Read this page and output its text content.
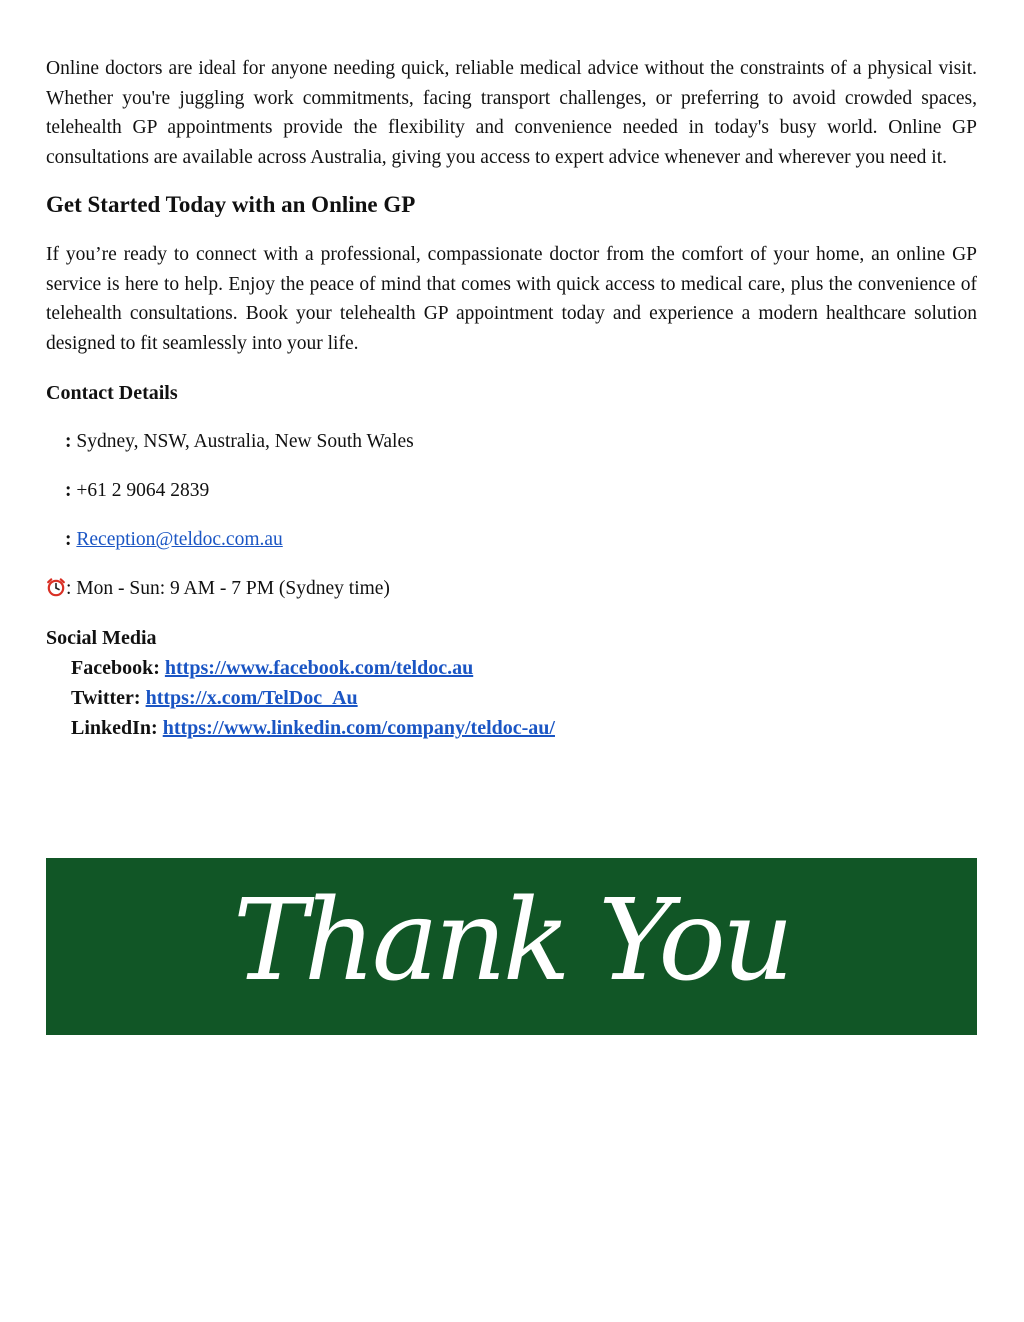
Online doctors are ideal for anyone needing quick, reliable medical advice without the constraints of a physical visit. Whether you're juggling work commitments, facing transport challenges, or preferring to avoid crowded spaces, telehealth GP appointments provide the flexibility and convenience needed in today's busy world. Online GP consultations are available across Australia, giving you access to expert advice whenever and wherever you need it.

Get Started Today with an Online GP

If you’re ready to connect with a professional, compassionate doctor from the comfort of your home, an online GP service is here to help. Enjoy the peace of mind that comes with quick access to medical care, plus the convenience of telehealth consultations. Book your telehealth GP appointment today and experience a modern healthcare solution designed to fit seamlessly into your life.

Contact Details

: Sydney, NSW, Australia, New South Wales

: +61 2 9064 2839

: Reception@teldoc.com.au

: Mon - Sun: 9 AM - 7 PM (Sydney time)

Social Media

Facebook: https://www.facebook.com/teldoc.au

Twitter: https://x.com/TelDoc_Au

LinkedIn: https://www.linkedin.com/company/teldoc-au/

Thank You
